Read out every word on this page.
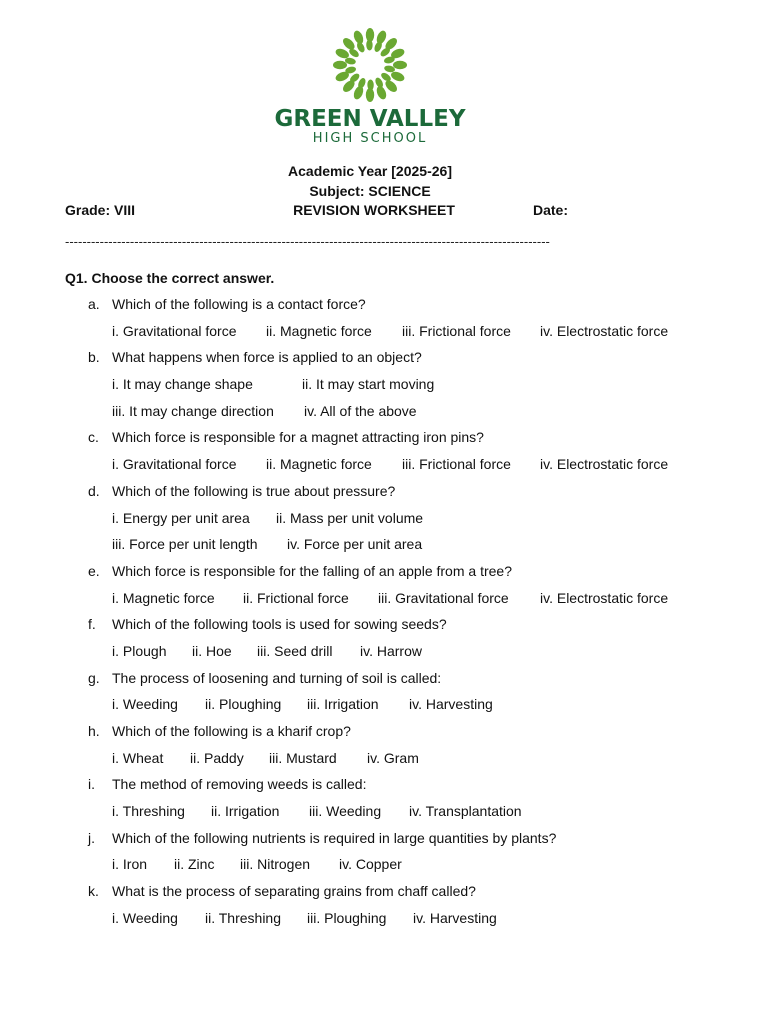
GREEN VALLEY
HIGH SCHOOL
Academic Year [2025-26]
Subject: SCIENCE
Grade: VIII	REVISION WORKSHEET	Date:
----------------------------------------------------------------------------------------------------------------
Q1. Choose the correct answer.
a. Which of the following is a contact force?
i. Gravitational force ii. Magnetic force iii. Frictional force iv. Electrostatic force
b. What happens when force is applied to an object?
i. It may change shape	ii. It may start moving
iii. It may change direction iv. All of the above
c. Which force is responsible for a magnet attracting iron pins?
i. Gravitational force ii. Magnetic force iii. Frictional force iv. Electrostatic force
d. Which of the following is true about pressure?
i. Energy per unit area ii. Mass per unit volume
iii. Force per unit length iv. Force per unit area
e. Which force is responsible for the falling of an apple from a tree?
i. Magnetic force ii. Frictional force iii. Gravitational force iv. Electrostatic force
f. Which of the following tools is used for sowing seeds?
i. Plough ii. Hoe iii. Seed drill iv. Harrow
g. The process of loosening and turning of soil is called:
i. Weeding ii. Ploughing iii. Irrigation iv. Harvesting
h. Which of the following is a kharif crop?
i. Wheat ii. Paddy iii. Mustard iv. Gram
i. The method of removing weeds is called:
i. Threshing ii. Irrigation iii. Weeding iv. Transplantation
j. Which of the following nutrients is required in large quantities by plants?
i. Iron ii. Zinc iii. Nitrogen iv. Copper
k. What is the process of separating grains from chaff called?
i. Weeding ii. Threshing iii. Ploughing iv. Harvesting
